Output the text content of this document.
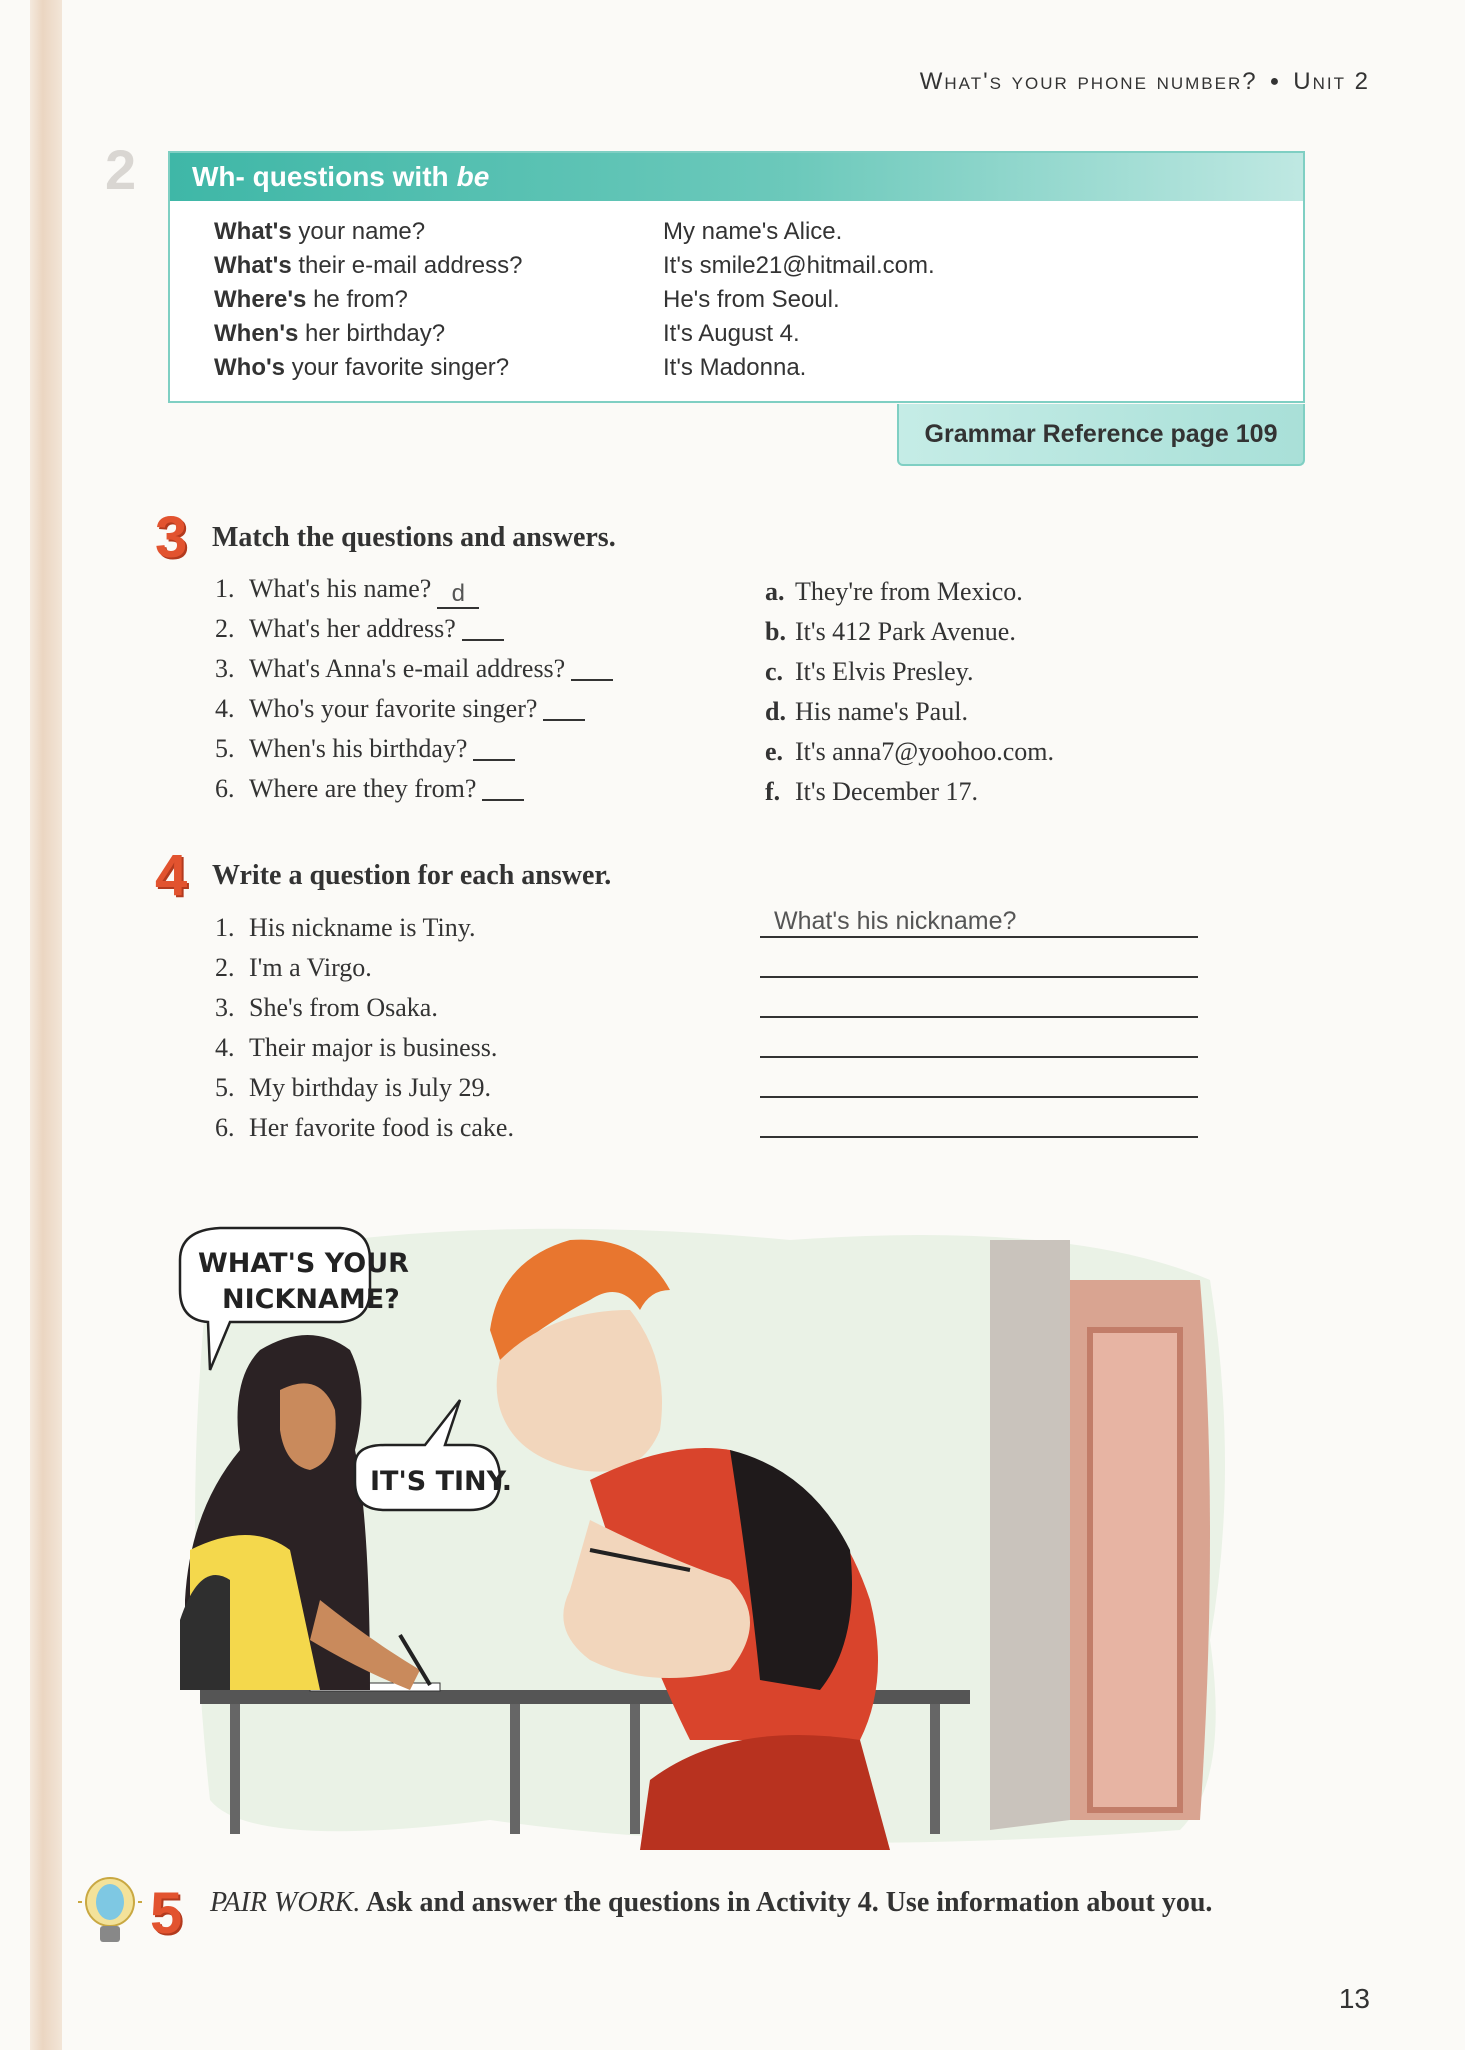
What's your phone number? ● Unit 2
2	Wh- questions with be
What's your name?
What's their e-mail address?
Where's he from?
When's her birthday?
Who's your favorite singer?
My name's Alice.
It's smile21@hitmail.com.
He's from Seoul.
It's August 4.
It's Madonna.
Grammar Reference page 109
3 Match the questions and answers.
1. What's his name? d
2. What's her address?
3. What's Anna's e-mail address?
4. Who's your favorite singer?
5. When's his birthday?
6. Where are they from?
a. They're from Mexico.
b. It's 412 Park Avenue.
c. It's Elvis Presley.
d. His name's Paul.
e. It's anna7@yoohoo.com.
f. It's December 17.
4 Write a question for each answer.
1. His nickname is Tiny.
2. I'm a Virgo.
3. She's from Osaka.
4. Their major is business.
5. My birthday is July 29.
6. Her favorite food is cake.
What's his nickname?
WHAT'S YOUR
NICKNAME?
IT'S TINY.
5 PAIR WORK. Ask and answer the questions in Activity 4. Use information about you.
13
